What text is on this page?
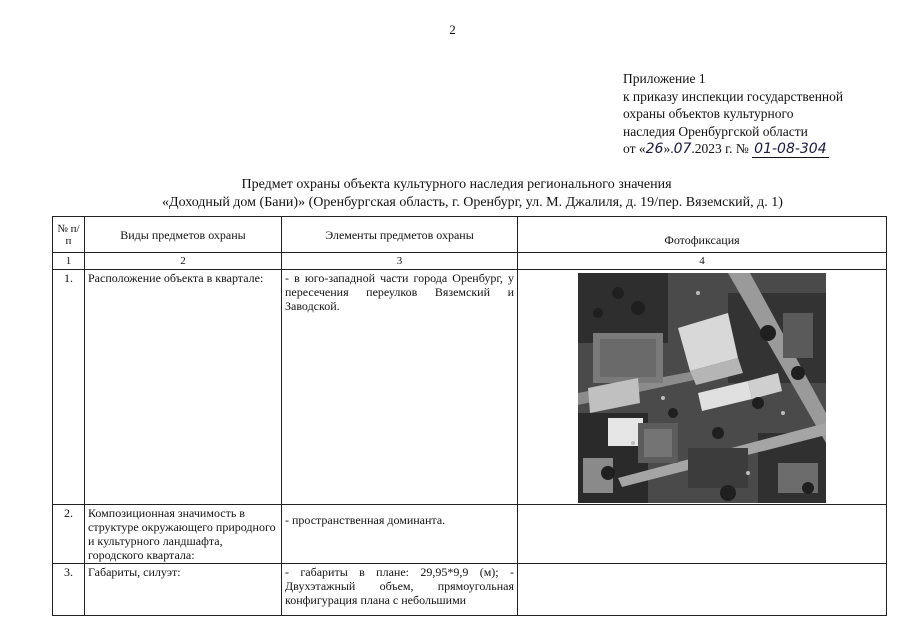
2
Приложение 1
к приказу инспекции государственной
охраны объектов культурного
наследия Оренбургской области
от «26».07.2023 г. № 01-08-304
Предмет охраны объекта культурного наследия регионального значения
«Доходный дом (Бани)» (Оренбургская область, г. Оренбург, ул. М. Джалиля, д. 19/пер. Вяземский, д. 1)
№ п/п	Виды предметов охраны	Элементы предметов охраны	Фотофиксация
1	2	3	4
1.	Расположение объекта в квартале:	- в юго-западной части города Оренбург, у пересечения переулков Вяземский и Заводской.	

2.	Композиционная значимость в структуре окружающего природного и культурного ландшафта, городского квартала:	- пространственная доминанта.	
3.	Габариты, силуэт:	- габариты в плане: 29,95*9,9 (м); - Двухэтажный объем, прямоугольная конфигурация плана с небольшими	
